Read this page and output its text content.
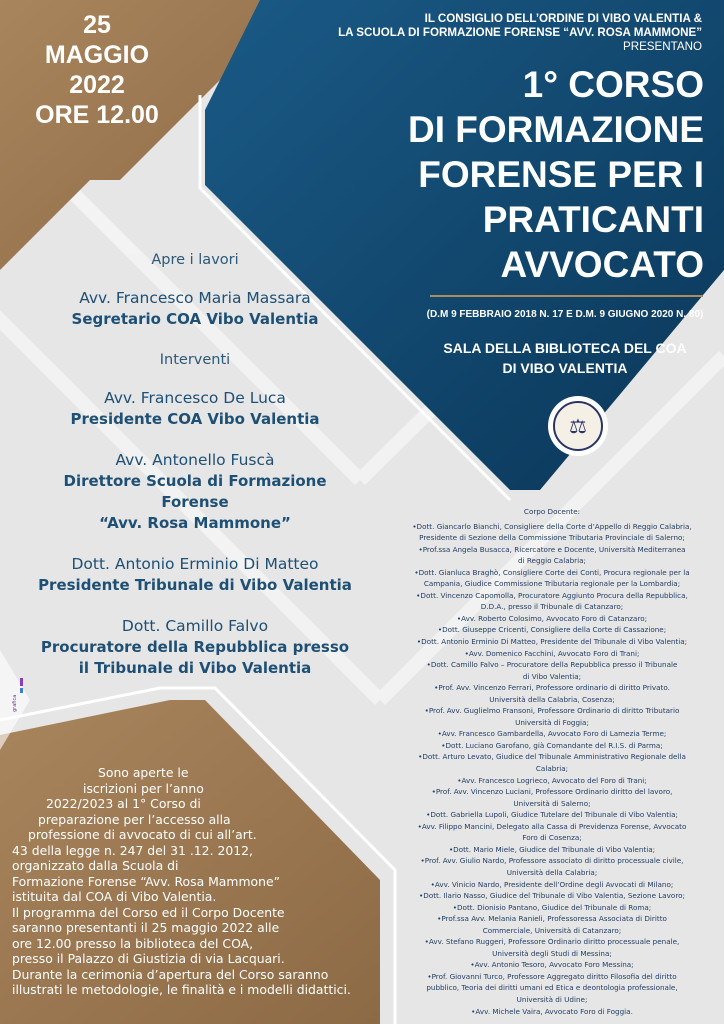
25
MAGGIO
2022
ORE 12.00
IL CONSIGLIO DELL’ORDINE DI VIBO VALENTIA &
LA SCUOLA DI FORMAZIONE FORENSE “AVV. ROSA MAMMONE”
PRESENTANO
1° CORSO
DI FORMAZIONE
FORENSE PER I
PRATICANTI
AVVOCATO
(D.M 9 FEBBRAIO 2018 N. 17 E D.M. 9 GIUGNO 2020 N. 80)
SALA DELLA BIBLIOTECA DEL COA
DI VIBO VALENTIA
⚖
Apre i lavori
Avv. Francesco Maria Massara
Segretario COA Vibo Valentia
Interventi
Avv. Francesco De Luca
Presidente COA Vibo Valentia
Avv. Antonello Fuscà
Direttore Scuola di Formazione Forense
“Avv. Rosa Mammone”
Dott. Antonio Erminio Di Matteo
Presidente Tribunale di Vibo Valentia
Dott. Camillo Falvo
Procuratore della Repubblica presso
il Tribunale di Vibo Valentia
Corpo Docente:
•Dott. Giancarlo Bianchi, Consigliere della Corte d’Appello di Reggio Calabria,
Presidente di Sezione della Commissione Tributaria Provinciale di Salerno;
•Prof.ssa Angela Busacca, Ricercatore e Docente, Università Mediterranea
di Reggio Calabria;
•Dott. Gianluca Braghò, Consigliere Corte dei Conti, Procura regionale per la
Campania, Giudice Commissione Tributaria regionale per la Lombardia;
•Dott. Vincenzo Capomolla, Procuratore Aggiunto Procura della Repubblica,
D.D.A., presso il Tribunale di Catanzaro;
•Avv. Roberto Colosimo, Avvocato Foro di Catanzaro;
•Dott. Giuseppe Cricenti, Consigliere della Corte di Cassazione;
•Dott. Antonio Erminio Di Matteo, Presidente del Tribunale di Vibo Valentia;
•Avv. Domenico Facchini, Avvocato Foro di Trani;
•Dott. Camillo Falvo – Procuratore della Repubblica presso il Tribunale
di Vibo Valentia;
•Prof. Avv. Vincenzo Ferrari, Professore ordinario di diritto Privato.
Università della Calabria, Cosenza;
•Prof. Avv. Guglielmo Fransoni, Professore Ordinario di diritto Tributario
Università di Foggia;
•Avv. Francesco Gambardella, Avvocato Foro di Lamezia Terme;
•Dott. Luciano Garofano, già Comandante del R.I.S. di Parma;
•Dott. Arturo Levato, Giudice del Tribunale Amministrativo Regionale della
Calabria;
•Avv. Francesco Logriеco, Avvocato del Foro di Trani;
•Prof. Avv. Vincenzo Luciani, Professore Ordinario diritto del lavoro,
Università di Salerno;
•Dott. Gabriella Lupoli, Giudice Tutelare del Tribunale di Vibo Valentia;
•Avv. Filippo Mancini, Delegato alla Cassa di Previdenza Forense, Avvocato
Foro di Cosenza;
•Dott. Mario Miele, Giudice del Tribunale di Vibo Valentia;
•Prof. Avv. Giulio Nardo, Professore associato di diritto processuale civile,
Università della Calabria;
•Avv. Vinicio Nardo, Presidente dell’Ordine degli Avvocati di Milano;
•Dott. Ilario Nasso, Giudice del Tribunale di Vibo Valentia, Sezione Lavoro;
•Dott. Dionisio Pantano, Giudice del Tribunale di Roma;
•Prof.ssa Avv. Melania Ranieli, Professoressa Associata di Diritto
Commerciale, Università di Catanzaro;
•Avv. Stefano Ruggeri, Professore Ordinario diritto processuale penale,
Università degli Studi di Messina;
•Avv. Antonio Tesoro, Avvocato Foro Messina;
•Prof. Giovanni Turco, Professore Aggregato diritto Filosofia del diritto
pubblico, Teoria dei diritti umani ed Etica e deontologia professionale,
Università di Udine;
•Avv. Michele Vaira, Avvocato Foro di Foggia.
Sono aperte le
iscrizioni per l’anno
2022/2023 al 1° Corso di
preparazione per l’accesso alla
professione di avvocato di cui all’art.
43 della legge n. 247 del 31 .12. 2012,
organizzato dalla Scuola di
Formazione Forense “Avv. Rosa Mammone”
istituita dal COA di Vibo Valentia.
Il programma del Corso ed il Corpo Docente
saranno presentanti il 25 maggio 2022 alle
ore 12.00 presso la biblioteca del COA,
presso il Palazzo di Giustizia di via Lacquari.
Durante la cerimonia d’apertura del Corso saranno
illustrati le metodologie, le finalità e i modelli didattici.
grafica
